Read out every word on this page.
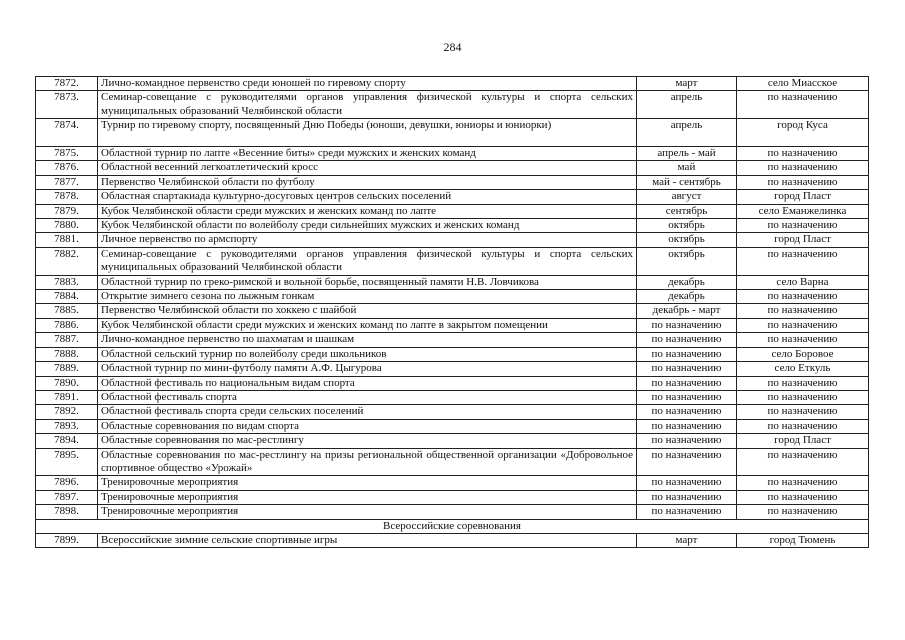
284
7872.	Лично-командное первенство среди юношей по гиревому спорту	март	село Миасское
7873.	Семинар-совещание с руководителями органов управления физической культуры и спорта сельских муниципальных образований Челябинской области	апрель	по назначению
7874.	Турнир по гиревому спорту, посвященный Дню Победы (юноши, девушки, юниоры и юниорки)	апрель	город Куса
7875.	Областной турнир по лапте «Весенние биты» среди мужских и женских команд	апрель - май	по назначению
7876.	Областной весенний легкоатлетический кросс	май	по назначению
7877.	Первенство Челябинской области по футболу	май - сентябрь	по назначению
7878.	Областная спартакиада культурно-досуговых центров сельских поселений	август	город Пласт
7879.	Кубок Челябинской области среди мужских и женских команд по лапте	сентябрь	село Еманжелинка
7880.	Кубок Челябинской области по волейболу среди сильнейших мужских и женских команд	октябрь	по назначению
7881.	Личное первенство по армспорту	октябрь	город Пласт
7882.	Семинар-совещание с руководителями органов управления физической культуры и спорта сельских муниципальных образований Челябинской области	октябрь	по назначению
7883.	Областной турнир по греко-римской и вольной борьбе, посвященный памяти Н.В. Ловчикова	декабрь	село Варна
7884.	Открытие зимнего сезона по лыжным гонкам	декабрь	по назначению
7885.	Первенство Челябинской области по хоккею с шайбой	декабрь - март	по назначению
7886.	Кубок Челябинской области среди мужских и женских команд по лапте в закрытом помещении	по назначению	по назначению
7887.	Лично-командное первенство по шахматам и шашкам	по назначению	по назначению
7888.	Областной сельский турнир по волейболу среди школьников	по назначению	село Боровое
7889.	Областной турнир по мини-футболу памяти А.Ф. Цыгурова	по назначению	село Еткуль
7890.	Областной фестиваль по национальным видам спорта	по назначению	по назначению
7891.	Областной фестиваль спорта	по назначению	по назначению
7892.	Областной фестиваль спорта среди сельских поселений	по назначению	по назначению
7893.	Областные соревнования по видам спорта	по назначению	по назначению
7894.	Областные соревнования по мас-рестлингу	по назначению	город Пласт
7895.	Областные соревнования по мас-рестлингу на призы региональной общественной организации «Добровольное спортивное общество «Урожай»	по назначению	по назначению
7896.	Тренировочные мероприятия	по назначению	по назначению
7897.	Тренировочные мероприятия	по назначению	по назначению
7898.	Тренировочные мероприятия	по назначению	по назначению
Всероссийские соревнования			
7899.	Всероссийские зимние сельские спортивные игры	март	город Тюмень
